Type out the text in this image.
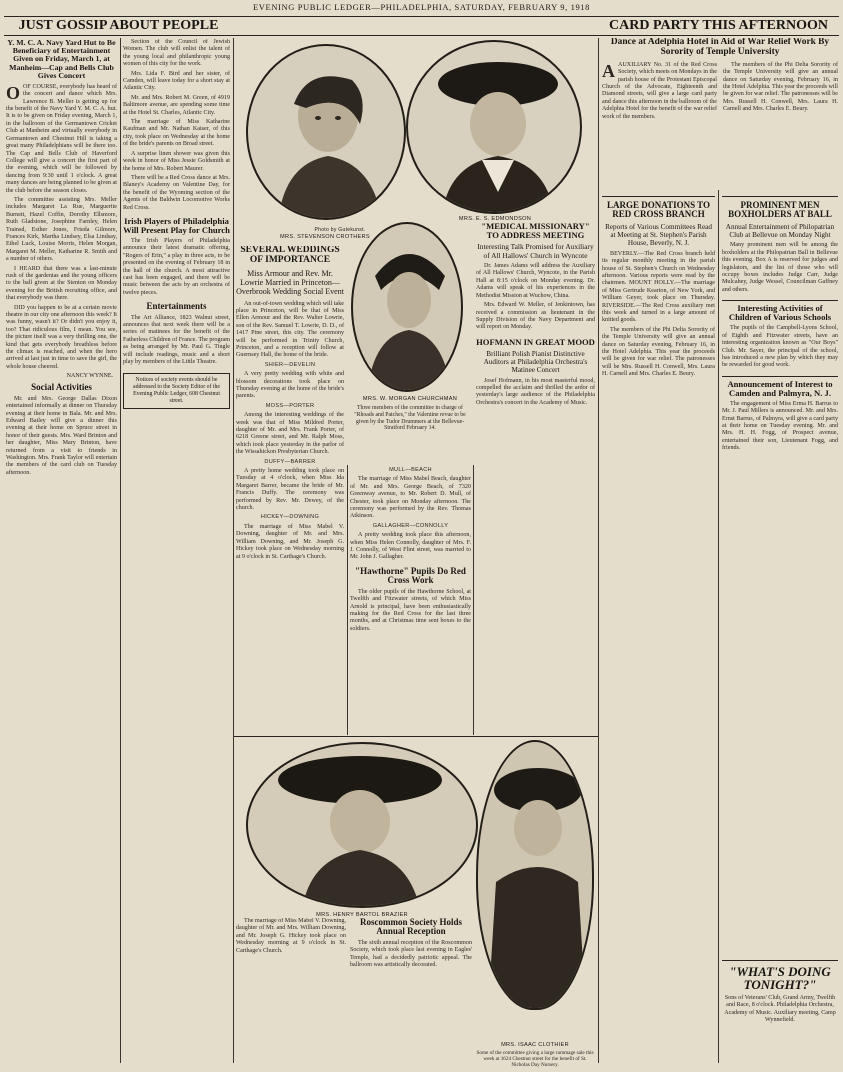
EVENING PUBLIC LEDGER—PHILADELPHIA, SATURDAY, FEBRUARY 9, 1918
JUST GOSSIP ABOUT PEOPLE	CARD PARTY THIS AFTERNOON
Y. M. C. A. Navy Yard Hut to Be Beneficiary of Entertainment Given on Friday, March 1, at Manheim—Cap and Bells Club Gives Concert

OOF COURSE, everybody has heard of the concert and dance which Mrs. Lawrence B. Meller is getting up for the benefit of the Navy Yard Y. M. C. A. hut. It is to be given on Friday evening, March 1, in the ballroom of the Germantown Cricket Club at Manheim and virtually everybody in Germantown and Chestnut Hill is taking a great many Philadelphians will be there too. The Cap and Bells Club of Haverford College will give a concert the first part of the evening, which will be followed by dancing from 9:30 until 1 o'clock. A great many dances are being planned to be given at the club before the season closes.

The committee assisting Mrs. Meller includes Margaret La Rue, Marguerite Burnett, Hazel Coffin, Dorothy Ellsmore, Ruth Gladstone, Josephine Farnley, Helen Trainsd, Esther Jones, Frieda Gilmore, Frances Kirk, Martha Lindsey, Elsa Lindsay, Ethel Luck, Louise Morris, Helen Morgan, Margaret M. Meller, Katharine R. Smith and a number of others.

I HEARD that there was a last-minute rush of the gardenias and the young officers to the ball given at the Stenton on Monday evening for the British recruiting office, and that everybody was there.

DID you happen to be at a certain movie theatre in our city one afternoon this week? It was funny, wasn't it? Or didn't you enjoy it, too? That ridiculous film, I mean. You see, the picture itself was a very thrilling one, the kind that gets everybody breathless before the climax is reached, and when the hero arrived at last just in time to save the girl, the whole house cheered.

NANCY WYNNE.
Social Activities

Mr. and Mrs. George Dallas Dixon entertained informally at dinner on Thursday evening at their home in Bala. Mr. and Mrs. Edward Bailey will give a dinner this evening at their home on Spruce street in honor of their guests. Mrs. Ward Brinton and her daughter, Miss Mary Brinton, have returned from a visit to friends in Washington. Mrs. Frank Taylor will entertain the members of the card club on Tuesday afternoon.

Section of the Council of Jewish Women. The club will enlist the talent of the young local and philanthropic young women of this city for the work.

Mrs. Lida F. Bird and her sister, of Camden, will leave today for a short stay at Atlantic City.

Mr. and Mrs. Robert M. Green, of 4919 Baltimore avenue, are spending some time at the Hotel St. Charles, Atlantic City.

The marriage of Miss Katharine Kaufman and Mr. Nathan Kaiser, of this city, took place on Wednesday at the home of the bride's parents on Broad street.

A surprise linen shower was given this week in honor of Miss Jessie Goldsmith at the home of Mrs. Robert Maurer.

There will be a Red Cross dance at Mrs. Blaney's Academy on Valentine Day, for the benefit of the Wyoming section of the Agents of the Baldwin Locomotive Works Red Cross.

Irish Players of Philadelphia Will Present Play for Church

The Irish Players of Philadelphia announce their latest dramatic offering, "Rogers of Erin," a play in three acts, to be presented on the evening of February 18 in the hall of the church. A most attractive cast has been engaged, and there will be music between the acts by an orchestra of twelve pieces.

Entertainments

The Art Alliance, 1823 Walnut street, announces that next week there will be a series of matinees for the benefit of the Fatherless Children of France. The program as being arranged by Mr. Paul G. Tingle will include readings, music and a short play by members of the Little Theatre.

Notices of society events should be addressed to the Society Editor of the Evening Public Ledger, 608 Chestnut street.
Photo by Gutekunst.
MRS. STEVENSON CROTHERS
MRS. E. S. EDMONDSON
MRS. W. MORGAN CHURCHMAN
Three members of the committee in charge of "Rhoads and Patches," the Valentine revue to be given by the Tudor Drummers at the Bellevue-Stratford February 14.
SEVERAL WEDDINGS OF IMPORTANCE
Miss Armour and Rev. Mr. Lowrie Married in Princeton—Overbrook Wedding Social Event

An out-of-town wedding which will take place in Princeton, will be that of Miss Ellen Armour and the Rev. Walter Lowrie, son of the Rev. Samuel T. Lowrie, D. D., of 1417 Pine street, this city. The ceremony will be performed in Trinity Church, Princeton, and a reception will follow at Guernsey Hall, the home of the bride.

SHIER—DEVELIN

A very pretty wedding with white and blossom decorations took place on Thursday evening at the home of the bride's parents.

MOSS—PORTER

Among the interesting weddings of the week was that of Miss Mildred Porter, daughter of Mr. and Mrs. Frank Porter, of 6218 Greene street, and Mr. Ralph Moss, which took place yesterday in the parlor of the Wissahickon Presbyterian Church.

DUFFY—BARRER

A pretty home wedding took place on Tuesday at 4 o'clock, when Miss Ida Margaret Barrer, became the bride of Mr. Francis Duffy. The ceremony was performed by Rev. Mr. Dewey, of the church.

HICKEY—DOWNING

The marriage of Miss Mabel V. Downing, daughter of Mr. and Mrs. William Downing, and Mr. Joseph G. Hickey took place on Wednesday morning at 9 o'clock in St. Carthage's Church.

MULL—BEACH

The marriage of Miss Mabel Beach, daughter of Mr. and Mrs. George Beach, of 7320 Greenway avenue, to Mr. Robert D. Mull, of Chester, took place on Monday afternoon. The ceremony was performed by the Rev. Thomas Atkinson.

GALLAGHER—CONNOLLY

A pretty wedding took place this afternoon, when Miss Helen Connolly, daughter of Mrs. F. J. Connolly, of West Flint street, was married to Mr. John J. Gallagher.

"Hawthorne" Pupils Do Red Cross Work

The older pupils of the Hawthorne School, at Twelfth and Fitzwater streets, of which Miss Arnold is principal, have been enthusiastically making for the Red Cross for the last three months, and at Christmas time sent boxes to the soldiers.

"MEDICAL MISSIONARY" TO ADDRESS MEETING
Interesting Talk Promised for Auxiliary of All Hallows' Church in Wyncote

Dr. James Adams will address the Auxiliary of All Hallows' Church, Wyncote, in the Parish Hall at 8:15 o'clock on Monday evening. Dr. Adams will speak of his experiences in the Methodist Mission at Wuchow, China.

Mrs. Edward W. Meller, of Jenkintown, has received a commission as lieutenant in the Supply Division of the Navy Department and will report on Monday.

HOFMANN IN GREAT MOOD
Brilliant Polish Pianist Distinctive Auditors at Philadelphia Orchestra's Matinee Concert

Josef Hofmann, in his most masterful mood, compelled the acclaim and thrilled the ardor of yesterday's large audience of the Philadelphia Orchestra's concert in the Academy of Music.

MRS. HENRY BARTOL BRAZIER
MRS. ISAAC CLOTHIER
Some of the committee giving a large rummage sale this week at 1624 Chestnut street for the benefit of St. Nicholas Day Nursery.
Roscommon Society Holds Annual Reception

The sixth annual reception of the Roscommon Society, which took place last evening in Eagles' Temple, had a decidedly patriotic appeal. The ballroom was artistically decorated.

The marriage of Miss Mabel V. Downing, daughter of Mr. and Mrs. William Downing, and Mr. Joseph G. Hickey took place on Wednesday morning at 9 o'clock in St. Carthage's Church.

Dance at Adelphia Hotel in Aid of War Relief Work By Sorority of Temple University

AAUXILIARY No. 31 of the Red Cross Society, which meets on Mondays in the parish house of the Protestant Episcopal Church of the Advocate, Eighteenth and Diamond streets, will give a large card party and dance this afternoon in the ballroom of the Adelphia Hotel for the benefit of the war relief work of the members.

The members of the Phi Delta Sorority of the Temple University will give an annual dance on Saturday evening, February 16, in the Hotel Adelphia. This year the proceeds will be given for war relief. The patronesses will be Mrs. Russell H. Conwell, Mrs. Laura H. Carnell and Mrs. Charles E. Beury.

LARGE DONATIONS TO RED CROSS BRANCH
Reports of Various Committees Read at Meeting at St. Stephen's Parish House, Beverly, N. J.

BEVERLY.—The Red Cross branch held its regular monthly meeting in the parish house of St. Stephen's Church on Wednesday afternoon. Various reports were read by the chairmen. MOUNT HOLLY.—The marriage of Miss Gertrude Kearton, of New York, and William Geyer, took place on Thursday. RIVERSIDE.—The Red Cross auxiliary met this week and turned in a large amount of knitted goods.

The members of the Phi Delta Sorority of the Temple University will give an annual dance on Saturday evening, February 16, in the Hotel Adelphia. This year the proceeds will be given for war relief. The patronesses will be Mrs. Russell H. Conwell, Mrs. Laura H. Carnell and Mrs. Charles E. Beury.

PROMINENT MEN BOXHOLDERS AT BALL
Annual Entertainment of Philopatrian Club at Bellevue on Monday Night

Many prominent men will be among the boxholders at the Philopatrian Ball in Bellevue this evening. Box A is reserved for judges and legislators, and the list of those who will occupy boxes includes Judge Carr, Judge Mulcahey, Judge Wessel, Councilman Gaffney and others.

Interesting Activities of Children of Various Schools

The pupils of the Campbell-Lyons School, of Eighth and Fitzwater streets, have an interesting organization known as "Our Boys" Club. Mr. Sayer, the principal of the school, has introduced a new plan by which they may be rewarded for good work.

Announcement of Interest to Camden and Palmyra, N. J.

The engagement of Miss Erma H. Barrus to Mr. J. Paul Millers is announced. Mr. and Mrs. Ernst Barrus, of Palmyra, will give a card party at their home on Tuesday evening. Mr. and Mrs. H. H. Fogg, of Prospect avenue, entertained their son, Lieutenant Fogg, and friends.

"WHAT'S DOING TONIGHT?"
Sons of Veterans' Club, Grand Army, Twelfth and Race, 8 o'clock. Philadelphia Orchestra, Academy of Music. Auxiliary meeting, Camp Wynnefield.
